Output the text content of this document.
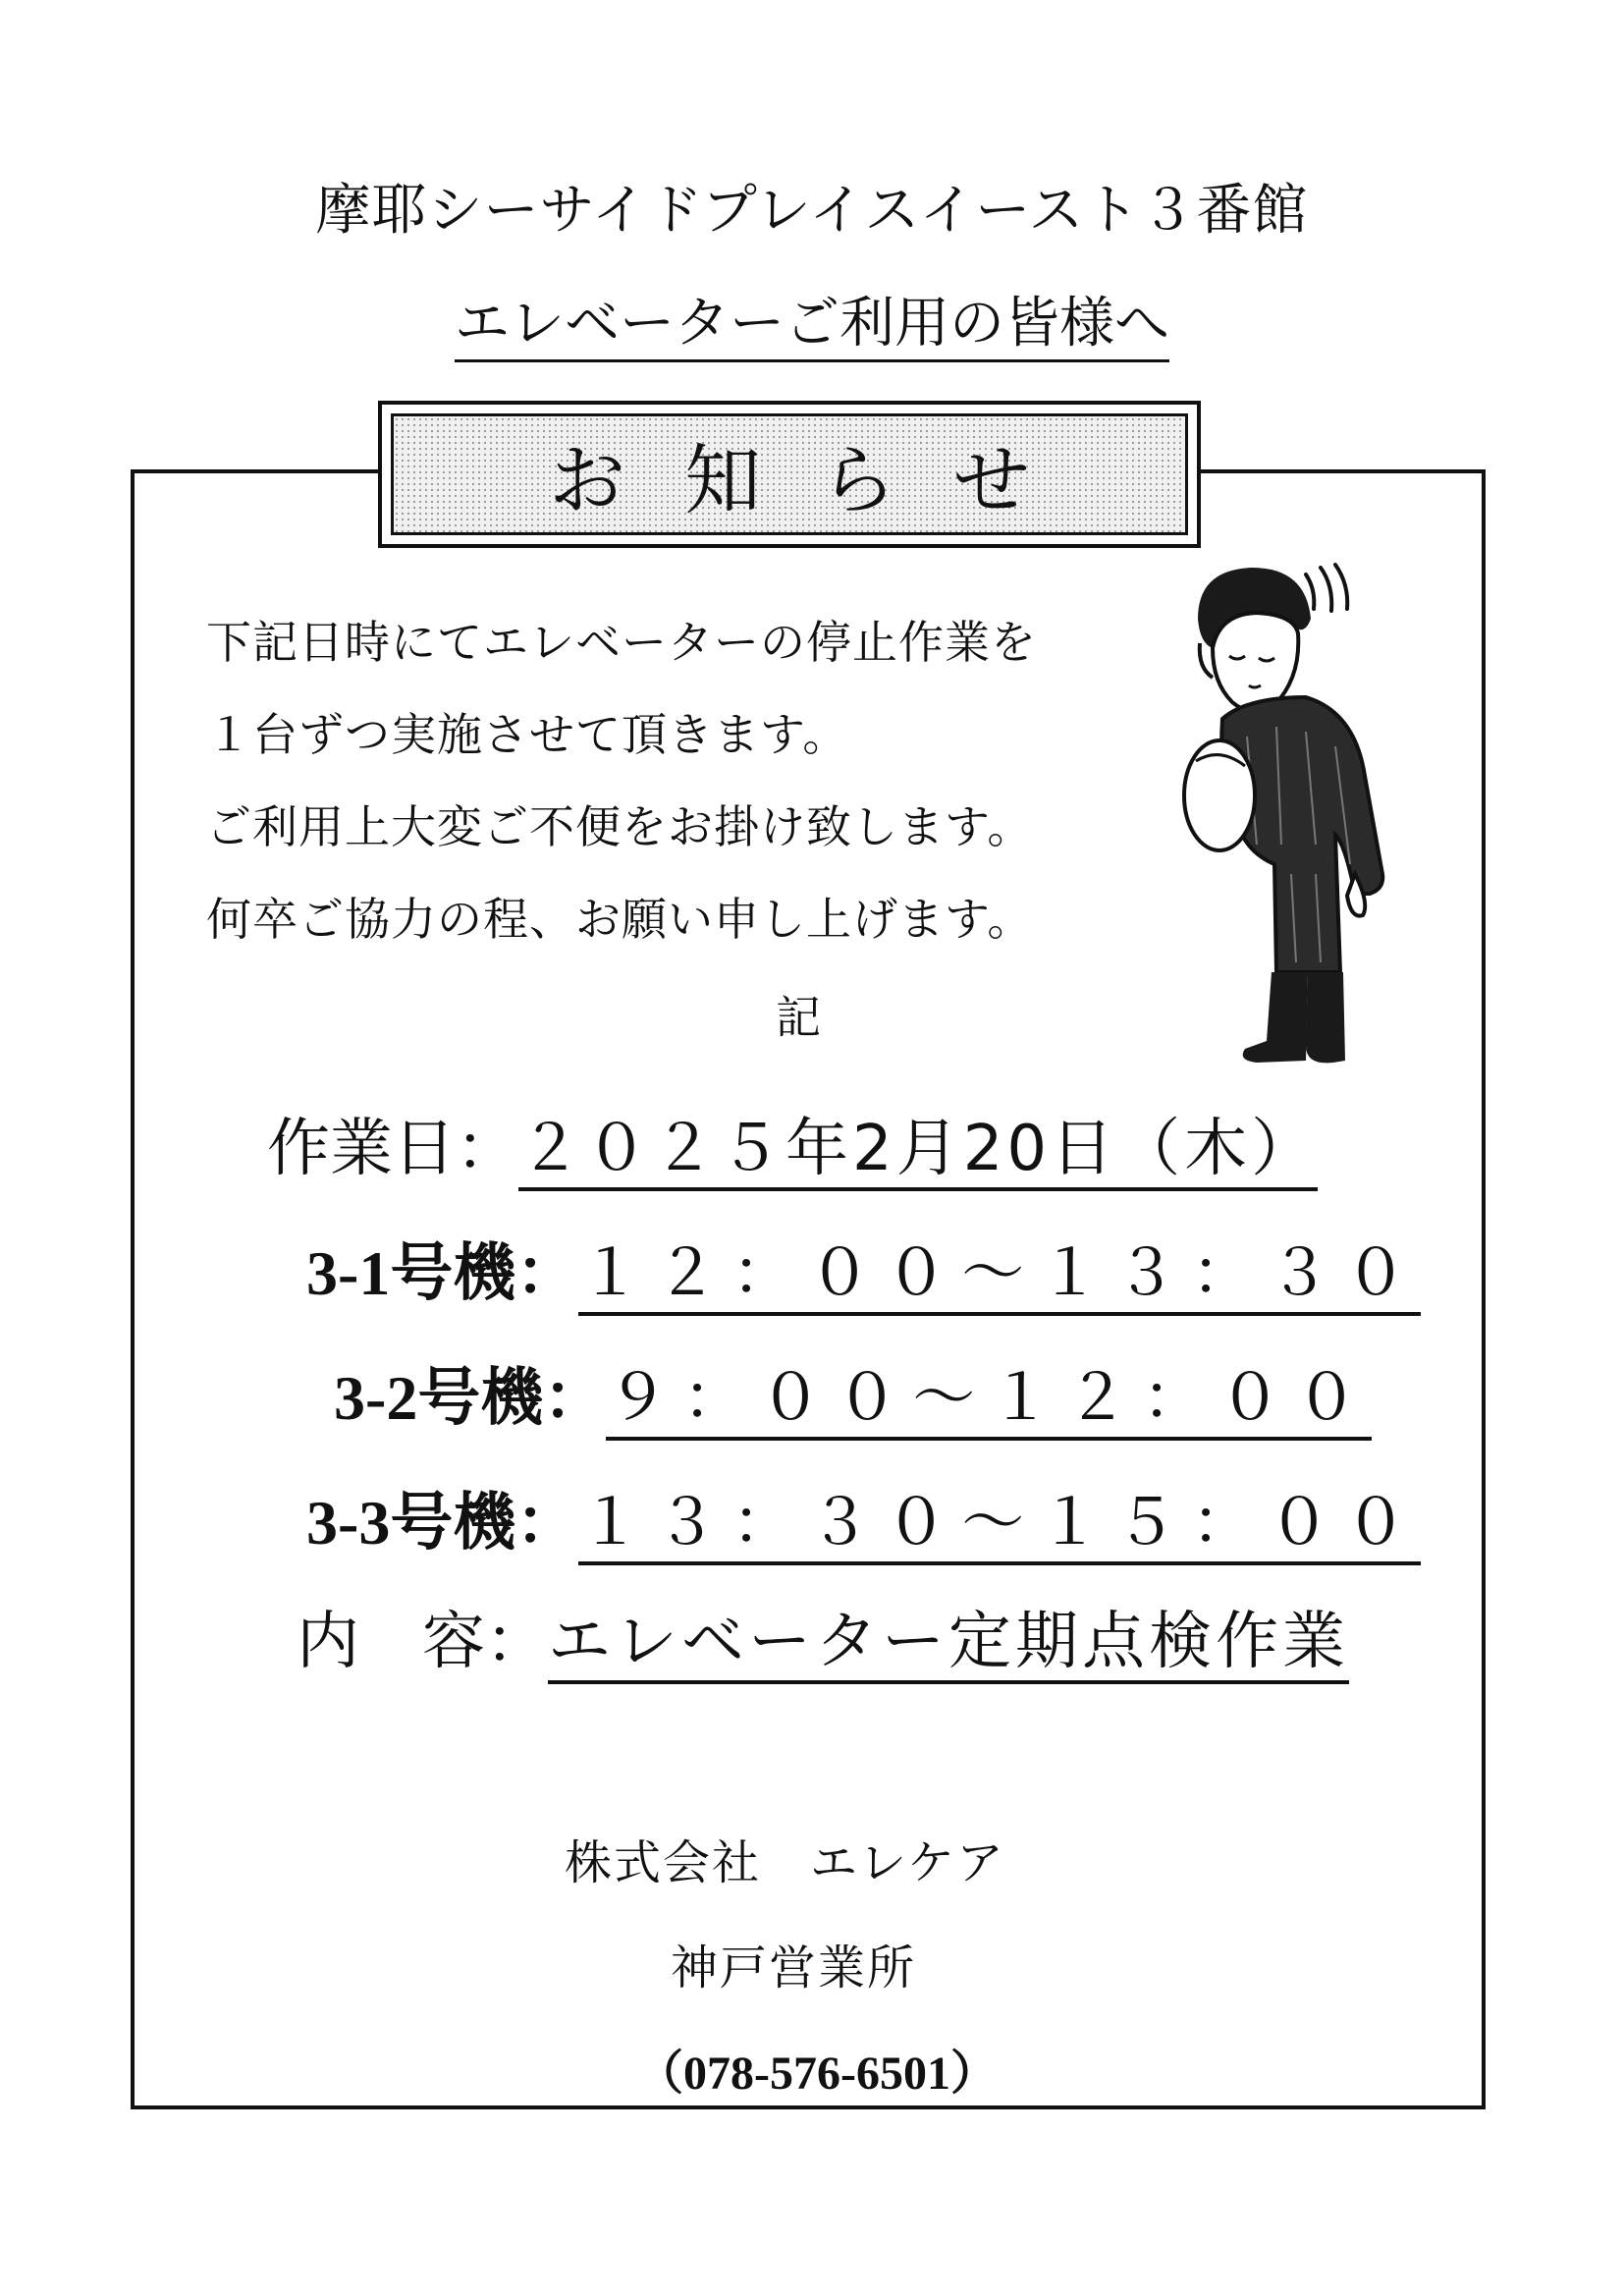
摩耶シーサイドプレイスイースト３番館
エレベーターご利用の皆様へ
お知らせ
下記日時にてエレベーターの停止作業を
１台ずつ実施させて頂きます。
ご利用上大変ご不便をお掛け致します。
何卒ご協力の程、お願い申し上げます。
記
作業日：２０２５年2月20日（木）
3-1号機：１２：００～１３：３０
3-2号機：９：００～１２：００
3-3号機：１３：３０～１５：００
内　容：エレベーター定期点検作業
株式会社　エレケア
神戸営業所
（078-576-6501）
